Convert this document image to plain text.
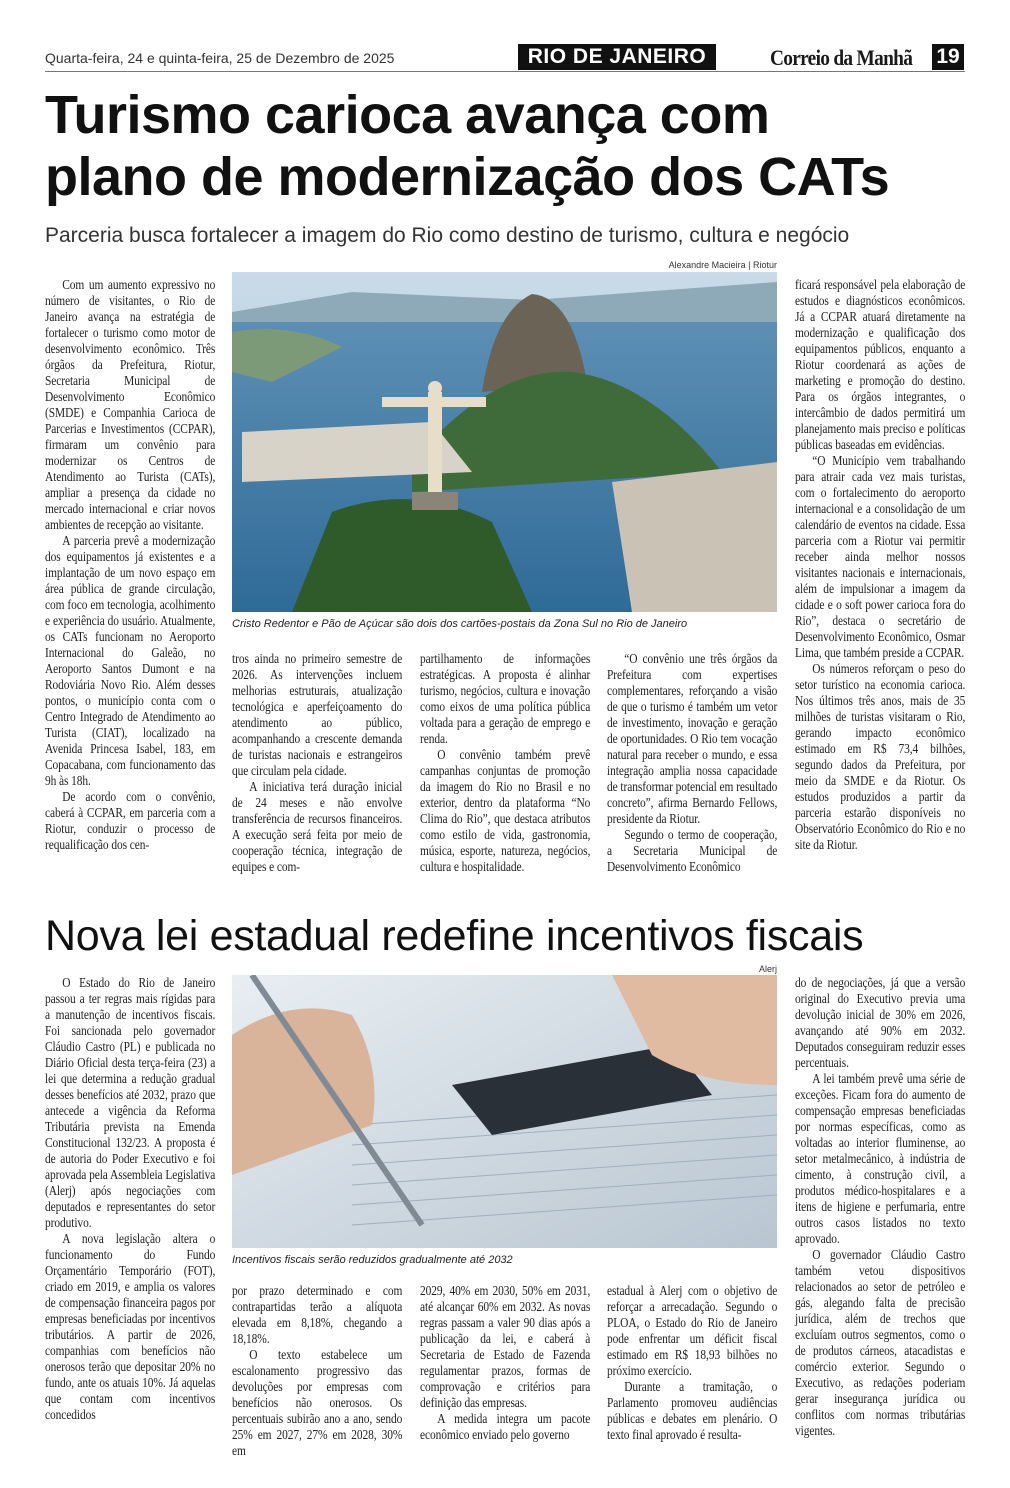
Quarta-feira, 24 e quinta-feira, 25 de Dezembro de 2025	RIO DE JANEIRO	Correio da Manhã 19
Turismo carioca avança com
plano de modernização dos CATs
Parceria busca fortalecer a imagem do Rio como destino de turismo, cultura e negócio

Com um aumento expressivo no número de visitantes, o Rio de Janeiro avança na estratégia de fortalecer o turismo como motor de desenvolvimento econômico. Três órgãos da Prefeitura, Riotur, Secretaria Municipal de Desenvolvimento Econômico (SMDE) e Companhia Carioca de Parcerias e Investimentos (CCPAR), firmaram um convênio para modernizar os Centros de Atendimento ao Turista (CATs), ampliar a presença da cidade no mercado internacional e criar novos ambientes de recepção ao visitante.

A parceria prevê a modernização dos equipamentos já existentes e a implantação de um novo espaço em área pública de grande circulação, com foco em tecnologia, acolhimento e experiência do usuário. Atualmente, os CATs funcionam no Aeroporto Internacional do Galeão, no Aeroporto Santos Dumont e na Rodoviária Novo Rio. Além desses pontos, o município conta com o Centro Integrado de Atendimento ao Turista (CIAT), localizado na Avenida Princesa Isabel, 183, em Copacabana, com funcionamento das 9h às 18h.

De acordo com o convênio, caberá à CCPAR, em parceria com a Riotur, conduzir o processo de requalificação dos cen-

Alexandre Macieira | Riotur
Cristo Redentor e Pão de Açúcar são dois dos cartões-postais da Zona Sul no Rio de Janeiro

tros ainda no primeiro semestre de 2026. As intervenções incluem melhorias estruturais, atualização tecnológica e aperfeiçoamento do atendimento ao público, acompanhando a crescente demanda de turistas nacionais e estrangeiros que circulam pela cidade.

A iniciativa terá duração inicial de 24 meses e não envolve transferência de recursos financeiros. A execução será feita por meio de cooperação técnica, integração de equipes e com-

partilhamento de informações estratégicas. A proposta é alinhar turismo, negócios, cultura e inovação como eixos de uma política pública voltada para a geração de emprego e renda.

O convênio também prevê campanhas conjuntas de promoção da imagem do Rio no Brasil e no exterior, dentro da plataforma “No Clima do Rio”, que destaca atributos como estilo de vida, gastronomia, música, esporte, natureza, negócios, cultura e hospitalidade.

“O convênio une três órgãos da Prefeitura com expertises complementares, reforçando a visão de que o turismo é também um vetor de investimento, inovação e geração de oportunidades. O Rio tem vocação natural para receber o mundo, e essa integração amplia nossa capacidade de transformar potencial em resultado concreto”, afirma Bernardo Fellows, presidente da Riotur.

Segundo o termo de cooperação, a Secretaria Municipal de Desenvolvimento Econômico

ficará responsável pela elaboração de estudos e diagnósticos econômicos. Já a CCPAR atuará diretamente na modernização e qualificação dos equipamentos públicos, enquanto a Riotur coordenará as ações de marketing e promoção do destino. Para os órgãos integrantes, o intercâmbio de dados permitirá um planejamento mais preciso e políticas públicas baseadas em evidências.

“O Município vem trabalhando para atrair cada vez mais turistas, com o fortalecimento do aeroporto internacional e a consolidação de um calendário de eventos na cidade. Essa parceria com a Riotur vai permitir receber ainda melhor nossos visitantes nacionais e internacionais, além de impulsionar a imagem da cidade e o soft power carioca fora do Rio”, destaca o secretário de Desenvolvimento Econômico, Osmar Lima, que também preside a CCPAR.

Os números reforçam o peso do setor turístico na economia carioca. Nos últimos três anos, mais de 35 milhões de turistas visitaram o Rio, gerando impacto econômico estimado em R$ 73,4 bilhões, segundo dados da Prefeitura, por meio da SMDE e da Riotur. Os estudos produzidos a partir da parceria estarão disponíveis no Observatório Econômico do Rio e no site da Riotur.

Nova lei estadual redefine incentivos fiscais

O Estado do Rio de Janeiro passou a ter regras mais rígidas para a manutenção de incentivos fiscais. Foi sancionada pelo governador Cláudio Castro (PL) e publicada no Diário Oficial desta terça-feira (23) a lei que determina a redução gradual desses benefícios até 2032, prazo que antecede a vigência da Reforma Tributária prevista na Emenda Constitucional 132/23. A proposta é de autoria do Poder Executivo e foi aprovada pela Assembleia Legislativa (Alerj) após negociações com deputados e representantes do setor produtivo.

A nova legislação altera o funcionamento do Fundo Orçamentário Temporário (FOT), criado em 2019, e amplia os valores de compensação financeira pagos por empresas beneficiadas por incentivos tributários. A partir de 2026, companhias com benefícios não onerosos terão que depositar 20% no fundo, ante os atuais 10%. Já aquelas que contam com incentivos concedidos

Alerj
Incentivos fiscais serão reduzidos gradualmente até 2032

por prazo determinado e com contrapartidas terão a alíquota elevada em 8,18%, chegando a 18,18%.

O texto estabelece um escalonamento progressivo das devoluções por empresas com benefícios não onerosos. Os percentuais subirão ano a ano, sendo 25% em 2027, 27% em 2028, 30% em

2029, 40% em 2030, 50% em 2031, até alcançar 60% em 2032. As novas regras passam a valer 90 dias após a publicação da lei, e caberá à Secretaria de Estado de Fazenda regulamentar prazos, formas de comprovação e critérios para definição das empresas.

A medida integra um pacote econômico enviado pelo governo

estadual à Alerj com o objetivo de reforçar a arrecadação. Segundo o PLOA, o Estado do Rio de Janeiro pode enfrentar um déficit fiscal estimado em R$ 18,93 bilhões no próximo exercício.

Durante a tramitação, o Parlamento promoveu audiências públicas e debates em plenário. O texto final aprovado é resulta-

do de negociações, já que a versão original do Executivo previa uma devolução inicial de 30% em 2026, avançando até 90% em 2032. Deputados conseguiram reduzir esses percentuais.

A lei também prevê uma série de exceções. Ficam fora do aumento de compensação empresas beneficiadas por normas específicas, como as voltadas ao interior fluminense, ao setor metalmecânico, à indústria de cimento, à construção civil, a produtos médico-hospitalares e a itens de higiene e perfumaria, entre outros casos listados no texto aprovado.

O governador Cláudio Castro também vetou dispositivos relacionados ao setor de petróleo e gás, alegando falta de precisão jurídica, além de trechos que excluíam outros segmentos, como o de produtos cárneos, atacadistas e comércio exterior. Segundo o Executivo, as redações poderiam gerar insegurança jurídica ou conflitos com normas tributárias vigentes.
